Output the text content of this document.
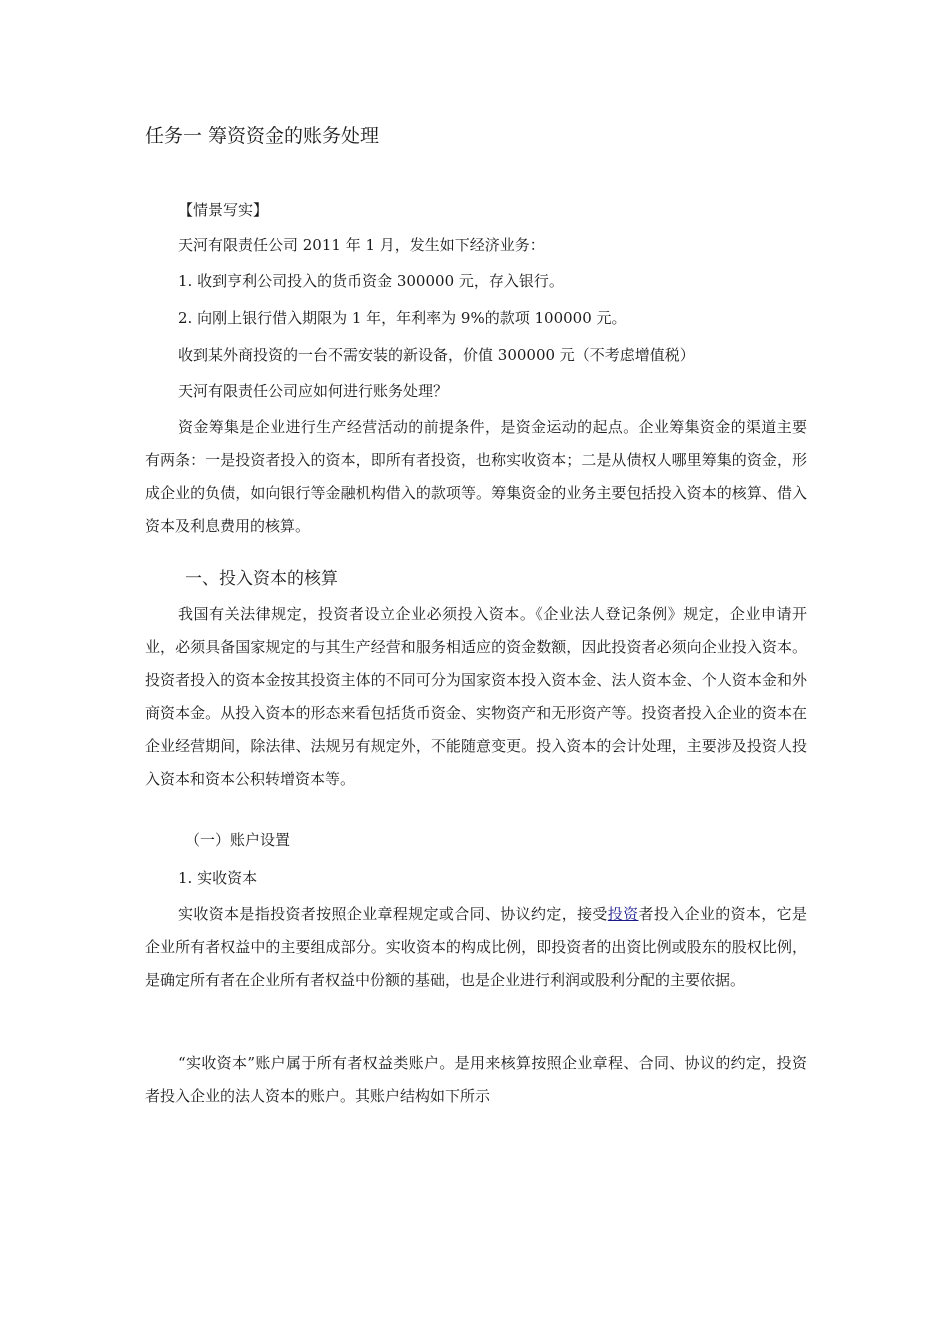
任务一 筹资资金的账务处理
【情景写实】
天河有限责任公司 2011 年 1 月，发生如下经济业务：
1. 收到亨利公司投入的货币资金 300000 元，存入银行。
2. 向刚上银行借入期限为 1 年，年利率为 9%的款项 100000 元。
收到某外商投资的一台不需安装的新设备，价值 300000 元（不考虑增值税）
天河有限责任公司应如何进行账务处理？
资金筹集是企业进行生产经营活动的前提条件，是资金运动的起点。企业筹集资金的渠道主要有两条：一是投资者投入的资本，即所有者投资，也称实收资本；二是从债权人哪里筹集的资金，形成企业的负债，如向银行等金融机构借入的款项等。筹集资金的业务主要包括投入资本的核算、借入资本及利息费用的核算。
一、投入资本的核算
我国有关法律规定，投资者设立企业必须投入资本。《企业法人登记条例》规定，企业申请开业，必须具备国家规定的与其生产经营和服务相适应的资金数额，因此投资者必须向企业投入资本。投资者投入的资本金按其投资主体的不同可分为国家资本投入资本金、法人资本金、个人资本金和外商资本金。从投入资本的形态来看包括货币资金、实物资产和无形资产等。投资者投入企业的资本在企业经营期间，除法律、法规另有规定外，不能随意变更。投入资本的会计处理，主要涉及投资人投入资本和资本公积转增资本等。
（一）账户设置
1. 实收资本
实收资本是指投资者按照企业章程规定或合同、协议约定，接受投资者投入企业的资本，它是企业所有者权益中的主要组成部分。实收资本的构成比例，即投资者的出资比例或股东的股权比例，是确定所有者在企业所有者权益中份额的基础，也是企业进行利润或股利分配的主要依据。
“实收资本”账户属于所有者权益类账户。是用来核算按照企业章程、合同、协议的约定，投资者投入企业的法人资本的账户。其账户结构如下所示
